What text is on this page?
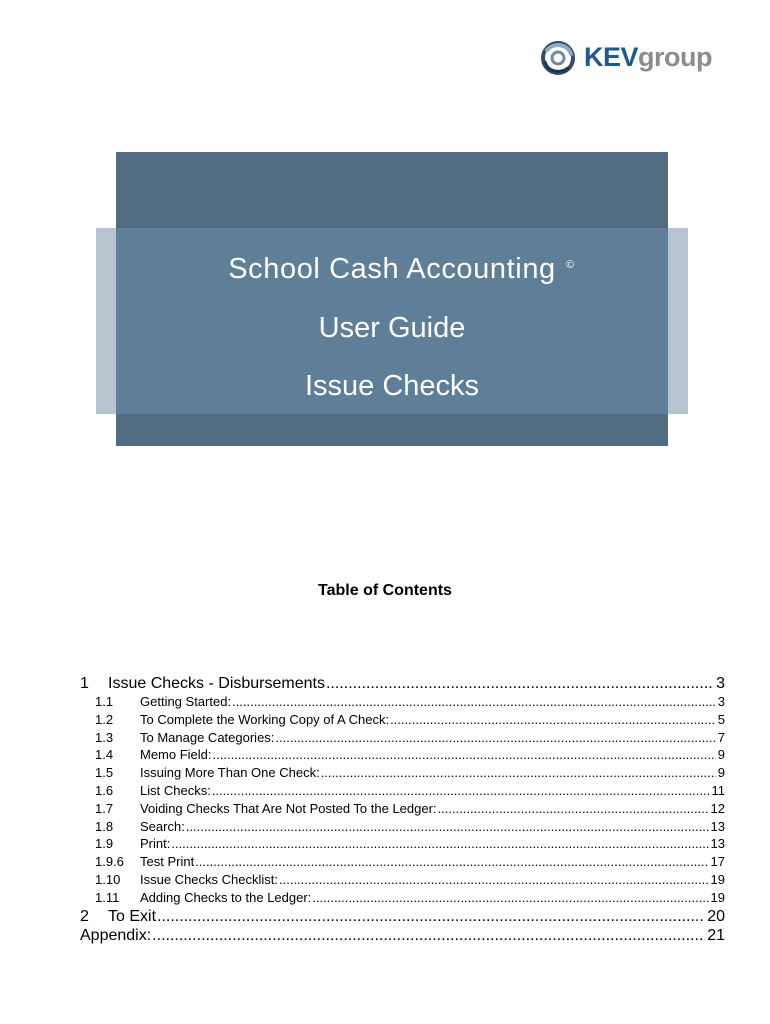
KEVgroup
School Cash Accounting ©
User Guide
Issue Checks
Table of Contents
1	Issue Checks - Disbursements .....	3
1.1	Getting Started: .....	3
1.2	To Complete the Working Copy of A Check: .....	5
1.3	To Manage Categories: .....	7
1.4	Memo Field: .....	9
1.5	Issuing More Than One Check: .....	9
1.6	List Checks: .....	11
1.7	Voiding Checks That Are Not Posted To the Ledger: .....	12
1.8	Search: .....	13
1.9	Print: .....	13
1.9.6	Test Print .....	17
1.10	Issue Checks Checklist: .....	19
1.11	Adding Checks to the Ledger: .....	19
2	To Exit .....	20
Appendix: .....	21
